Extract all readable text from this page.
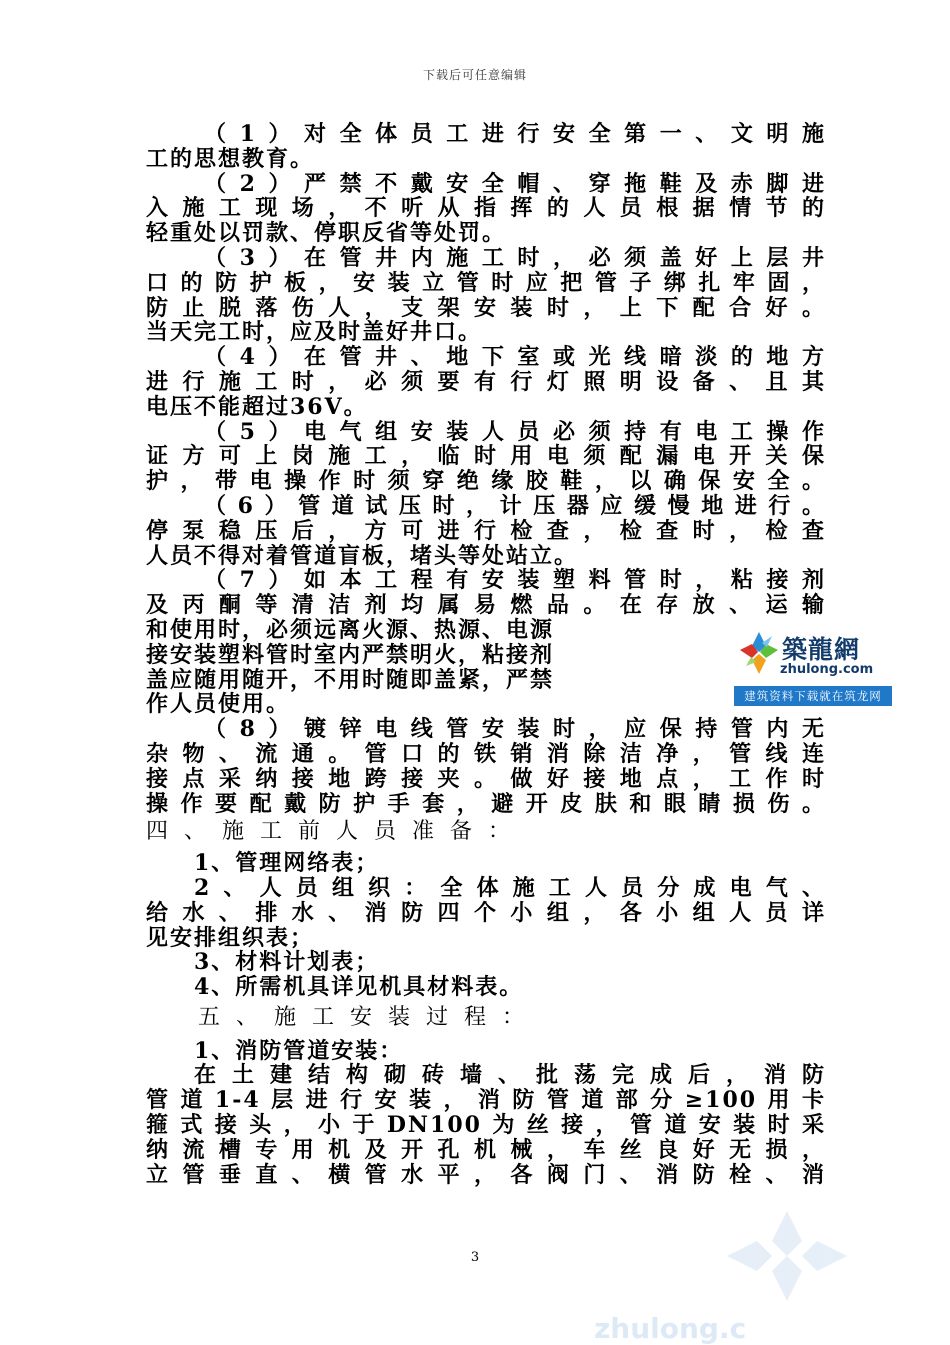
下载后可任意编辑
（1）对全体员工进行安全第一、文明施
工的思想教育。
（2）严禁不戴安全帽、穿拖鞋及赤脚进
入施工现场，不听从指挥的人员根据情节的
轻重处以罚款、停职反省等处罚。
（3）在管井内施工时，必须盖好上层井
口的防护板，安装立管时应把管子绑扎牢固，
防止脱落伤人，支架安装时，上下配合好。
当天完工时，应及时盖好井口。
（4）在管井、地下室或光线暗淡的地方
进行施工时，必须要有行灯照明设备、且其
电压不能超过36V。
（5）电气组安装人员必须持有电工操作
证方可上岗施工，临时用电须配漏电开关保
护，带电操作时须穿绝缘胶鞋，以确保安全。
（6）管道试压时，计压器应缓慢地进行。
停泵稳压后，方可进行检查，检查时，检查
人员不得对着管道盲板，堵头等处站立。
（7）如本工程有安装塑料管时，粘接剂
及丙酮等清洁剂均属易燃品。在存放、运输
和使用时，必须远离火源、热源、电源
接安装塑料管时室内严禁明火，粘接剂
盖应随用随开，不用时随即盖紧，严禁
作人员使用。
（8）镀锌电线管安装时，应保持管内无
杂物、流通。管口的铁销消除洁净，管线连
接点采纳接地跨接夹。做好接地点，工作时
操作要配戴防护手套，避开皮肤和眼睛损伤。
四、施工前人员准备：
1、管理网络表；
2、人员组织：全体施工人员分成电气、
给水、排水、消防四个小组，各小组人员详
见安排组织表；
3、材料计划表；
4、所需机具详见机具材料表。
五、施工安装过程：
1、消防管道安装：
在土建结构砌砖墙、批荡完成后，消防
管道1-4层进行安装，消防管道部分≥100用卡
箍式接头，小于DN100为丝接，管道安装时采
纳流槽专用机及开孔机械，车丝良好无损，
立管垂直、横管水平，各阀门、消防栓、消
築龍網
zhulong.com
建筑资料下载就在筑龙网
zhulong.c
3
